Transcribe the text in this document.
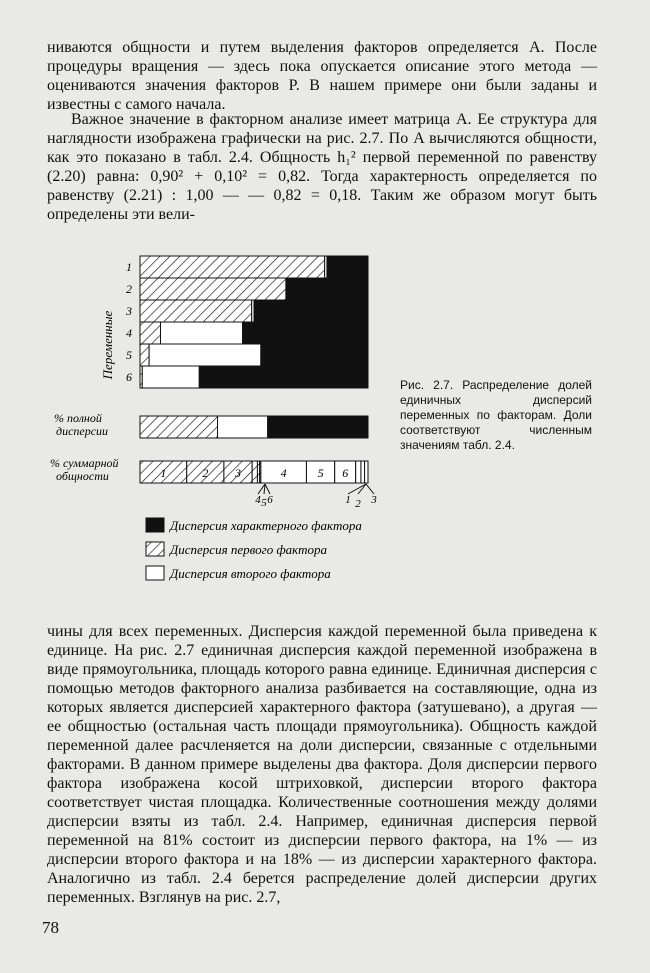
ниваются общности и путем выделения факторов определяется A. После процедуры вращения — здесь пока опускается описание этого метода — оцениваются значения факторов P. В нашем примере они были заданы и известны с самого начала.

Важное значение в факторном анализе имеет матрица A. Ее структура для наглядности изображена графически на рис. 2.7. По A вычисляются общности, как это показано в табл. 2.4. Общность h₁² первой переменной по равенству (2.20) равна: 0,90² + 0,10² = 0,82. Тогда характерность определяется по равенству (2.21) : 1,00 — — 0,82 = 0,18. Таким же образом могут быть определены эти вели-

Переменные
1
2
3
4
5
6
% полной
дисперсии
% суммарной
общности	1	2 3	4	5 6
4 5 6	1 2 3
Дисперсия характерного фактора
Дисперсия первого фактора
Дисперсия второго фактора

Рис. 2.7. Распределение долей единичных дисперсий переменных по факторам. Доли соответствуют численным значениям табл. 2.4.

чины для всех переменных. Дисперсия каждой переменной была приведена к единице. На рис. 2.7 единичная дисперсия каждой переменной изображена в виде прямоугольника, площадь которого равна единице. Единичная дисперсия с помощью методов факторного анализа разбивается на составляющие, одна из которых является дисперсией характерного фактора (затушевано), а другая — ее общностью (остальная часть площади прямоугольника). Общность каждой переменной далее расчленяется на доли дисперсии, связанные с отдельными факторами. В данном примере выделены два фактора. Доля дисперсии первого фактора изображена косой штриховкой, дисперсии второго фактора соответствует чистая площадка. Количественные соотношения между долями дисперсии взяты из табл. 2.4. Например, единичная дисперсия первой переменной на 81% состоит из дисперсии первого фактора, на 1% — из дисперсии второго фактора и на 18% — из дисперсии характерного фактора. Аналогично из табл. 2.4 берется распределение долей дисперсии других переменных. Взглянув на рис. 2.7,

78
